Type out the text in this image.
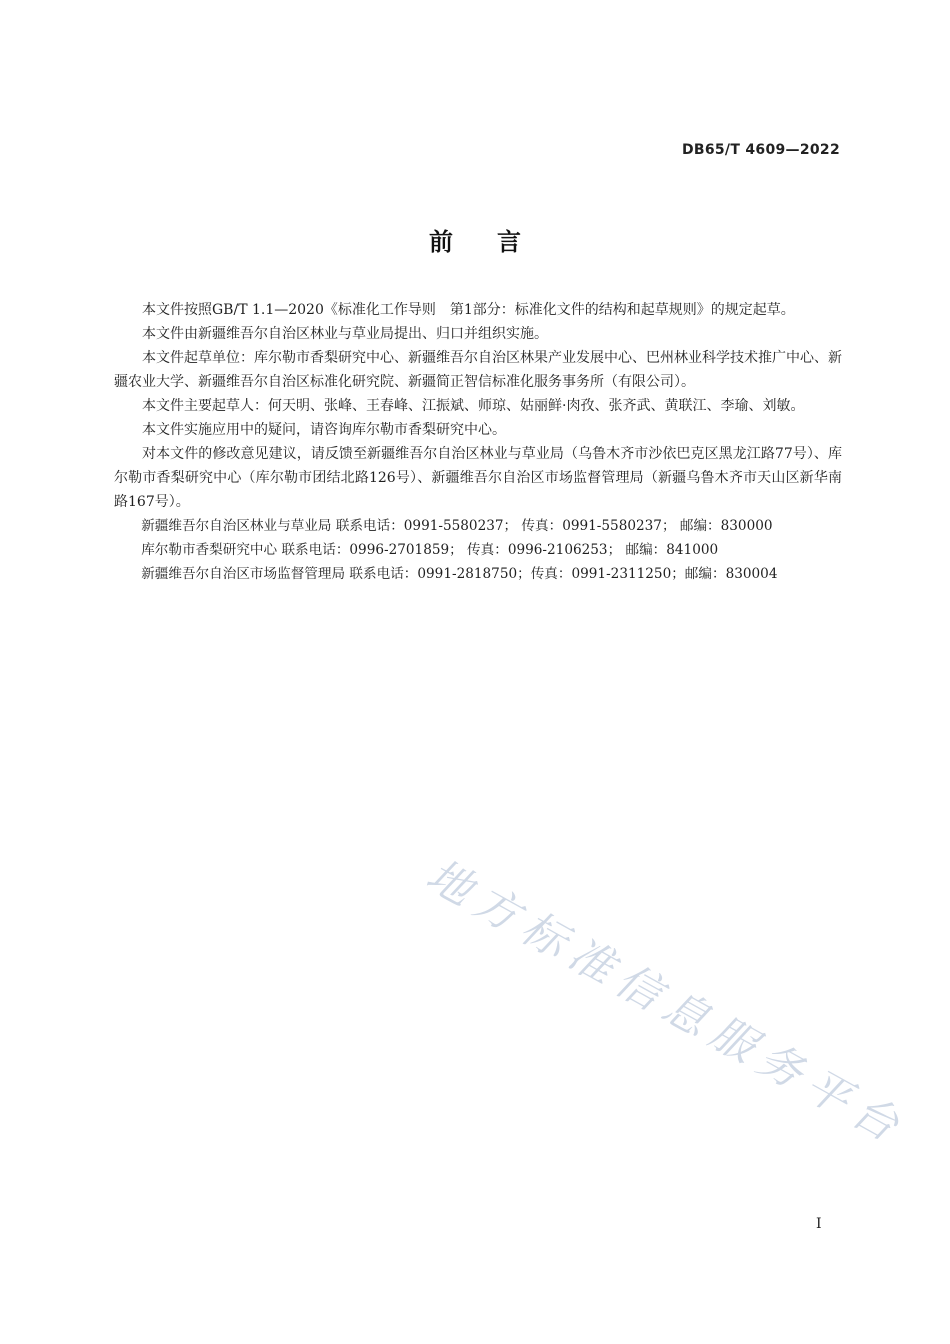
DB65/T 4609—2022
前言

本文件按照GB/T 1.1—2020《标准化工作导则　第1部分：标准化文件的结构和起草规则》的规定起草。

本文件由新疆维吾尔自治区林业与草业局提出、归口并组织实施。

本文件起草单位：库尔勒市香梨研究中心、新疆维吾尔自治区林果产业发展中心、巴州林业科学技术推广中心、新疆农业大学、新疆维吾尔自治区标准化研究院、新疆简正智信标准化服务事务所（有限公司）。

本文件主要起草人：何天明、张峰、王春峰、江振斌、师琼、姑丽鲜·肉孜、张齐武、黄联江、李瑜、刘敏。

本文件实施应用中的疑问，请咨询库尔勒市香梨研究中心。

对本文件的修改意见建议，请反馈至新疆维吾尔自治区林业与草业局（乌鲁木齐市沙依巴克区黑龙江路77号）、库尔勒市香梨研究中心（库尔勒市团结北路126号）、新疆维吾尔自治区市场监督管理局（新疆乌鲁木齐市天山区新华南路167号）。

新疆维吾尔自治区林业与草业局 联系电话：0991-5580237； 传真：0991-5580237； 邮编：830000

库尔勒市香梨研究中心 联系电话：0996-2701859； 传真：0996-2106253； 邮编：841000

新疆维吾尔自治区市场监督管理局 联系电话：0991-2818750；传真：0991-2311250；邮编：830004

地方标准信息服务平台
I
